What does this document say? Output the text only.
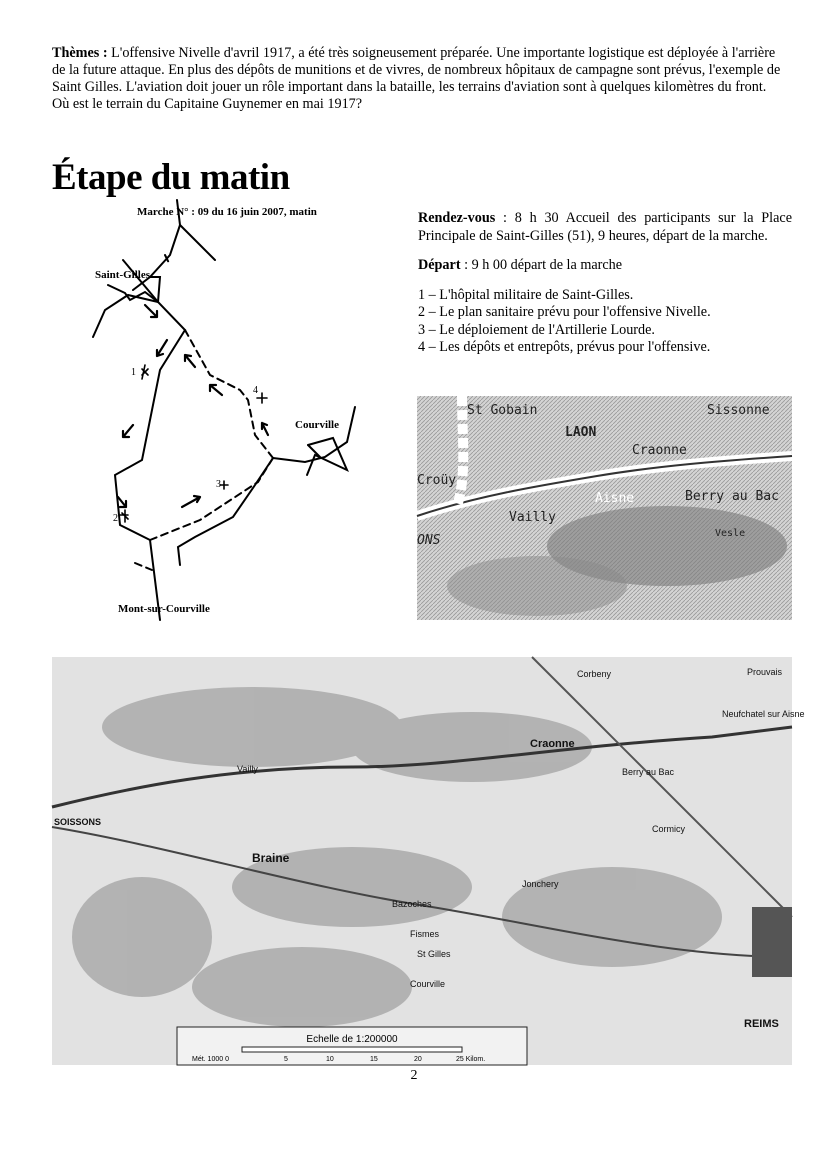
Thèmes : L'offensive Nivelle d'avril 1917, a été très soigneusement préparée. Une importante logistique est déployée à l'arrière de la future attaque. En plus des dépôts de munitions et de vivres, de nombreux hôpitaux de campagne sont prévus, l'exemple de Saint Gilles. L'aviation doit jouer un rôle important dans la bataille, les terrains d'aviation sont à quelques kilomètres du front.
Où est le terrain du Capitaine Guynemer en mai 1917?
Étape du matin
Marche N° : 09 du 16 juin 2007, matin
Saint-Gilles
Courville
Mont-sur-Courville
1
2
3
4

Rendez-vous : 8 h 30 Accueil des participants sur la Place Principale de Saint-Gilles (51), 9 heures, départ de la marche.

Départ : 9 h 00 départ de la marche

1 – L'hôpital militaire de Saint-Gilles.
2 – Le plan sanitaire prévu pour l'offensive Nivelle.
3 – Le déploiement de l'Artillerie Lourde.
4 – Les dépôts et entrepôts, prévus pour l'offensive.
St Gobain	Sissonne
LAON
Craonne
Croüy
Aisne	Berry au Bac
Vailly
ONS	Vesle
SOISSONS
Vailly
Braine
Fismes
St Gilles
Courville
REIMS
Craonne
Corbeny
Neufchatel sur Aisne
Bazoches
Jonchery
Cormicy
Berry au Bac
Prouvais
Echelle de 1:200000
Mét. 1000 0	5	10	15	20	25 Kilom.
2
